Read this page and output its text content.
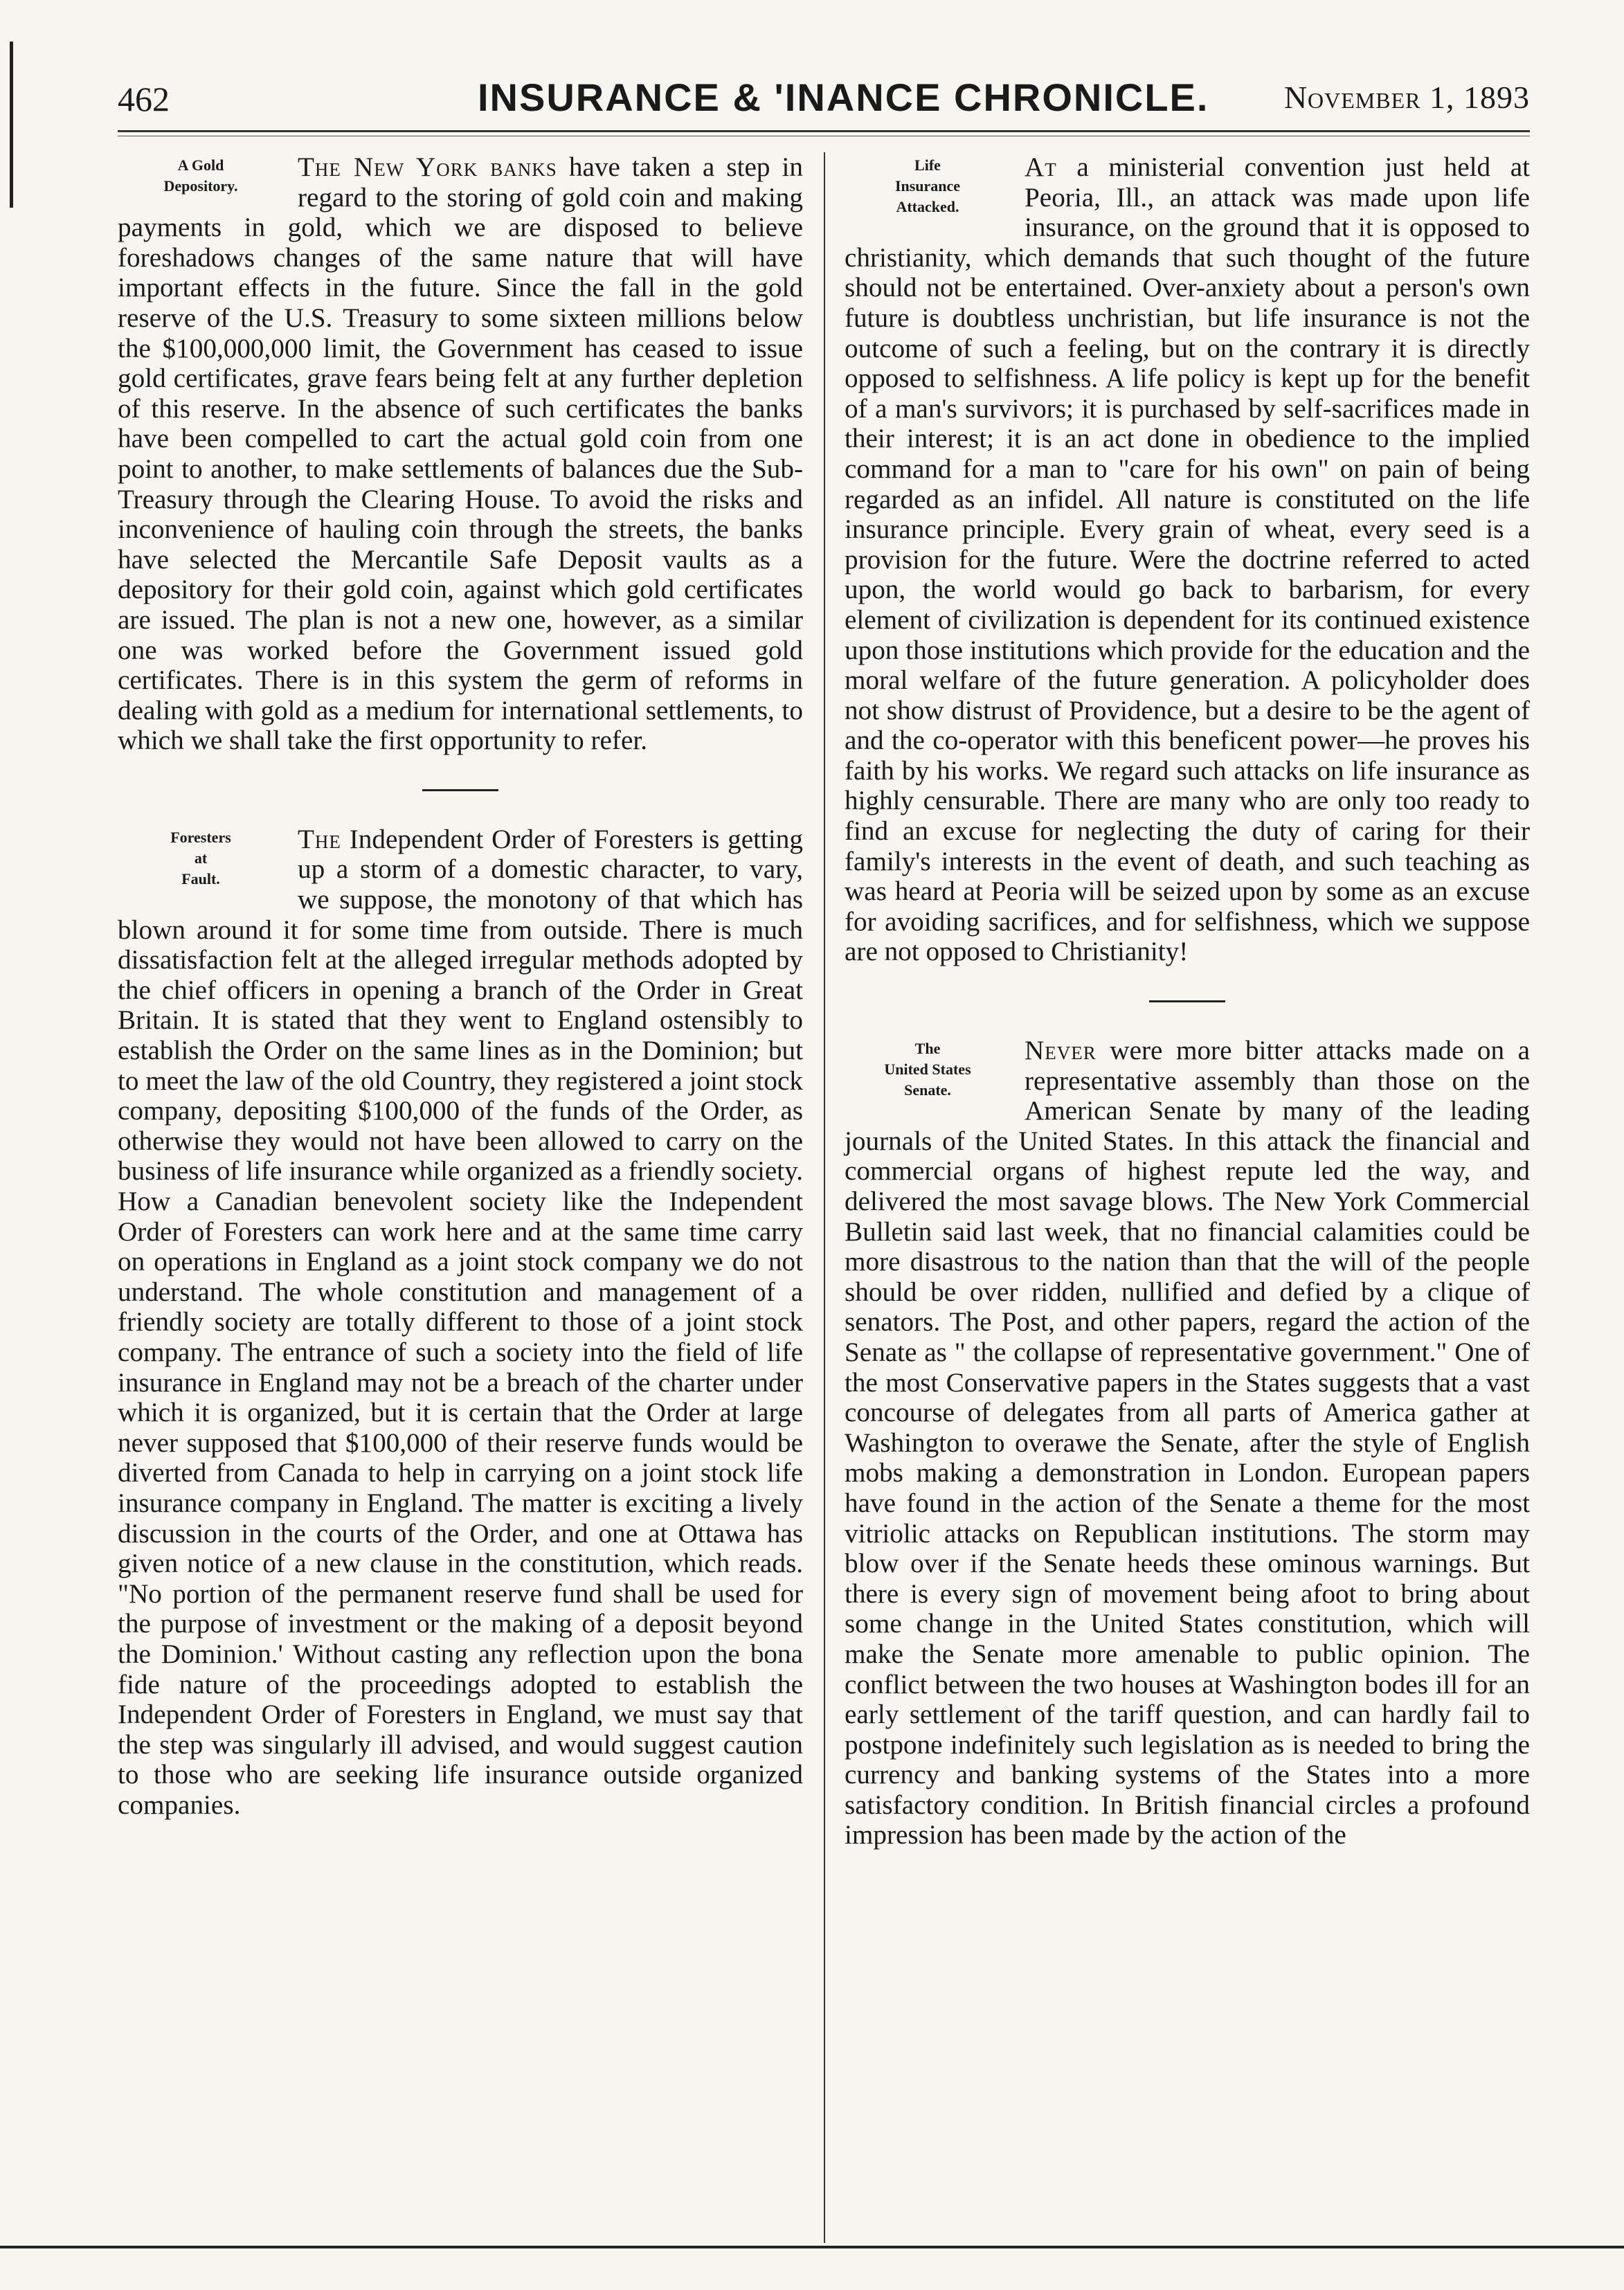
462	INSURANCE & 'INANCE CHRONICLE. November 1, 1893
A Gold
Depository.
The New York banks have taken a step in regard to the storing of gold coin and making payments in gold, which we are disposed to believe foreshadows changes of the same nature that will have important effects in the future. Since the fall in the gold reserve of the U.S. Treasury to some sixteen millions below the $100,000,000 limit, the Government has ceased to issue gold certificates, grave fears being felt at any further depletion of this reserve. In the absence of such certificates the banks have been compelled to cart the actual gold coin from one point to another, to make settlements of balances due the Sub-Treasury through the Clearing House. To avoid the risks and inconvenience of hauling coin through the streets, the banks have selected the Mercantile Safe Deposit vaults as a depository for their gold coin, against which gold certificates are issued. The plan is not a new one, however, as a similar one was worked before the Government issued gold certificates. There is in this system the germ of reforms in dealing with gold as a medium for international settlements, to which we shall take the first opportunity to refer.
Foresters
at
Fault.
The Independent Order of Foresters is getting up a storm of a domestic character, to vary, we suppose, the monotony of that which has blown around it for some time from outside. There is much dissatisfaction felt at the alleged irregular methods adopted by the chief officers in opening a branch of the Order in Great Britain. It is stated that they went to England ostensibly to establish the Order on the same lines as in the Dominion; but to meet the law of the old Country, they registered a joint stock company, depositing $100,000 of the funds of the Order, as otherwise they would not have been allowed to carry on the business of life insurance while organized as a friendly society. How a Canadian benevolent society like the Independent Order of Foresters can work here and at the same time carry on operations in England as a joint stock company we do not understand. The whole constitution and management of a friendly society are totally different to those of a joint stock company. The entrance of such a society into the field of life insurance in England may not be a breach of the charter under which it is organized, but it is certain that the Order at large never supposed that $100,000 of their reserve funds would be diverted from Canada to help in carrying on a joint stock life insurance company in England. The matter is exciting a lively discussion in the courts of the Order, and one at Ottawa has given notice of a new clause in the constitution, which reads. "No portion of the permanent reserve fund shall be used for the purpose of investment or the making of a deposit beyond the Dominion.' Without casting any reflection upon the bona fide nature of the proceedings adopted to establish the Independent Order of Foresters in England, we must say that the step was singularly ill advised, and would suggest caution to those who are seeking life insurance outside organized companies.
Life
Insurance
Attacked.
At a ministerial convention just held at Peoria, Ill., an attack was made upon life insurance, on the ground that it is opposed to christianity, which demands that such thought of the future should not be entertained. Over-anxiety about a person's own future is doubtless unchristian, but life insurance is not the outcome of such a feeling, but on the contrary it is directly opposed to selfishness. A life policy is kept up for the benefit of a man's survivors; it is purchased by self-sacrifices made in their interest; it is an act done in obedience to the implied command for a man to "care for his own" on pain of being regarded as an infidel. All nature is constituted on the life insurance principle. Every grain of wheat, every seed is a provision for the future. Were the doctrine referred to acted upon, the world would go back to barbarism, for every element of civilization is dependent for its continued existence upon those institutions which provide for the education and the moral welfare of the future generation. A policyholder does not show distrust of Providence, but a desire to be the agent of and the co-operator with this beneficent power—he proves his faith by his works. We regard such attacks on life insurance as highly censurable. There are many who are only too ready to find an excuse for neglecting the duty of caring for their family's interests in the event of death, and such teaching as was heard at Peoria will be seized upon by some as an excuse for avoiding sacrifices, and for selfishness, which we suppose are not opposed to Christianity!
The
United States
Senate.
Never were more bitter attacks made on a representative assembly than those on the American Senate by many of the leading journals of the United States. In this attack the financial and commercial organs of highest repute led the way, and delivered the most savage blows. The New York Commercial Bulletin said last week, that no financial calamities could be more disastrous to the nation than that the will of the people should be over ridden, nullified and defied by a clique of senators. The Post, and other papers, regard the action of the Senate as " the collapse of representative government." One of the most Conservative papers in the States suggests that a vast concourse of delegates from all parts of America gather at Washington to overawe the Senate, after the style of English mobs making a demonstration in London. European papers have found in the action of the Senate a theme for the most vitriolic attacks on Republican institutions. The storm may blow over if the Senate heeds these ominous warnings. But there is every sign of movement being afoot to bring about some change in the United States constitution, which will make the Senate more amenable to public opinion. The conflict between the two houses at Washington bodes ill for an early settlement of the tariff question, and can hardly fail to postpone indefinitely such legislation as is needed to bring the currency and banking systems of the States into a more satisfactory condition. In British financial circles a profound impression has been made by the action of the
